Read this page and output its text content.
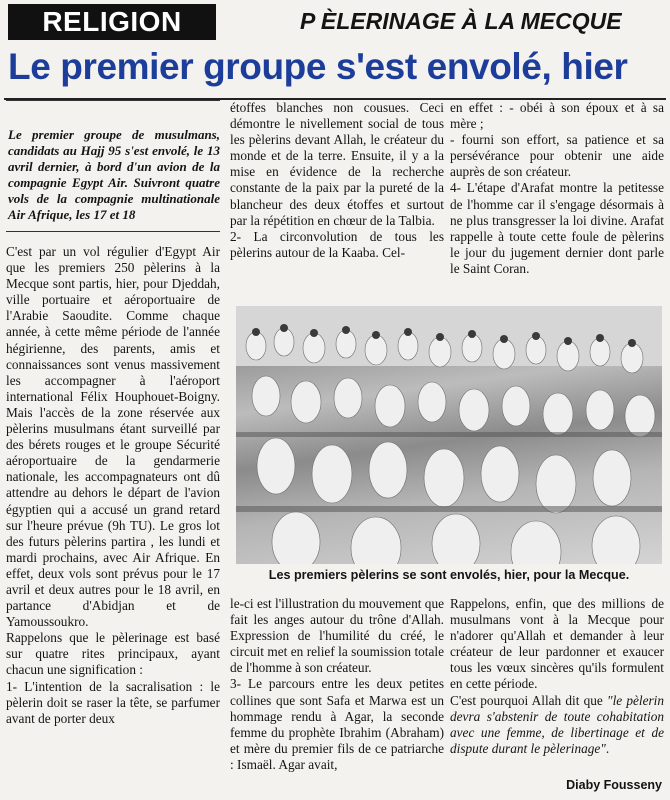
RELIGION	P ÈLERINAGE À LA MECQUE
Le premier groupe s'est envolé, hier

Le premier groupe de musulmans, candidats au Hajj 95 s'est envolé, le 13 avril dernier, à bord d'un avion de la compagnie Egypt Air. Suivront quatre vols de la compagnie multinationale Air Afrique, les 17 et 18

C'est par un vol régulier d'Egypt Air que les premiers 250 pèlerins à la Mecque sont partis, hier, pour Djeddah, ville portuaire et aéroportuaire de l'Arabie Saoudite. Comme chaque année, à cette même période de l'année hégirienne, des parents, amis et connaissances sont venus massivement les accompagner à l'aéroport international Félix Houphouet-Boigny. Mais l'accès de la zone réservée aux pèlerins musulmans étant surveillé par des bérets rouges et le groupe Sécurité aéroportuaire de la gendarmerie nationale, les accompagnateurs ont dû attendre au dehors le départ de l'avion égyptien qui a accusé un grand retard sur l'heure prévue (9h TU). Le gros lot des futurs pèlerins partira , les lundi et mardi prochains, avec Air Afrique. En effet, deux vols sont prévus pour le 17 avril et deux autres pour le 18 avril, en partance d'Abidjan et de Yamoussoukro.

Rappelons que le pèlerinage est basé sur quatre rites principaux, ayant chacun une signification :

1- L'intention de la sacralisation : le pèlerin doit se raser la tête, se parfumer avant de porter deux

étoffes blanches non cousues. Ceci démontre le nivellement social de tous les pèlerins devant Allah, le créateur du monde et de la terre. Ensuite, il y a la mise en évidence de la recherche constante de la paix par la pureté de la blancheur des deux étoffes et surtout par la répétition en chœur de la Talbia.

2- La circonvolution de tous les pèlerins autour de la Kaaba. Cel-

en effet : - obéi à son époux et à sa mère ;

- fourni son effort, sa patience et sa persévérance pour obtenir une aide auprès de son créateur.

4- L'étape d'Arafat montre la petitesse de l'homme car il s'engage désormais à ne plus transgresser la loi divine. Arafat rappelle à toute cette foule de pèlerins le jour du jugement dernier dont parle le Saint Coran.

Les premiers pèlerins se sont envolés, hier, pour la Mecque.

le-ci est l'illustration du mouvement que fait les anges autour du trône d'Allah. Expression de l'humilité du créé, le circuit met en relief la soumission totale de l'homme à son créateur.

3- Le parcours entre les deux petites collines que sont Safa et Marwa est un hommage rendu à Agar, la seconde femme du prophète Ibrahim (Abraham) et mère du premier fils de ce patriarche : Ismaël. Agar avait,

Rappelons, enfin, que des millions de musulmans vont à la Mecque pour n'adorer qu'Allah et demander à leur créateur de leur pardonner et exaucer tous les vœux sincères qu'ils formulent en cette période.

C'est pourquoi Allah dit que "le pèlerin devra s'abstenir de toute cohabitation avec une femme, de libertinage et de dispute durant le pèlerinage".

Diaby Fousseny
